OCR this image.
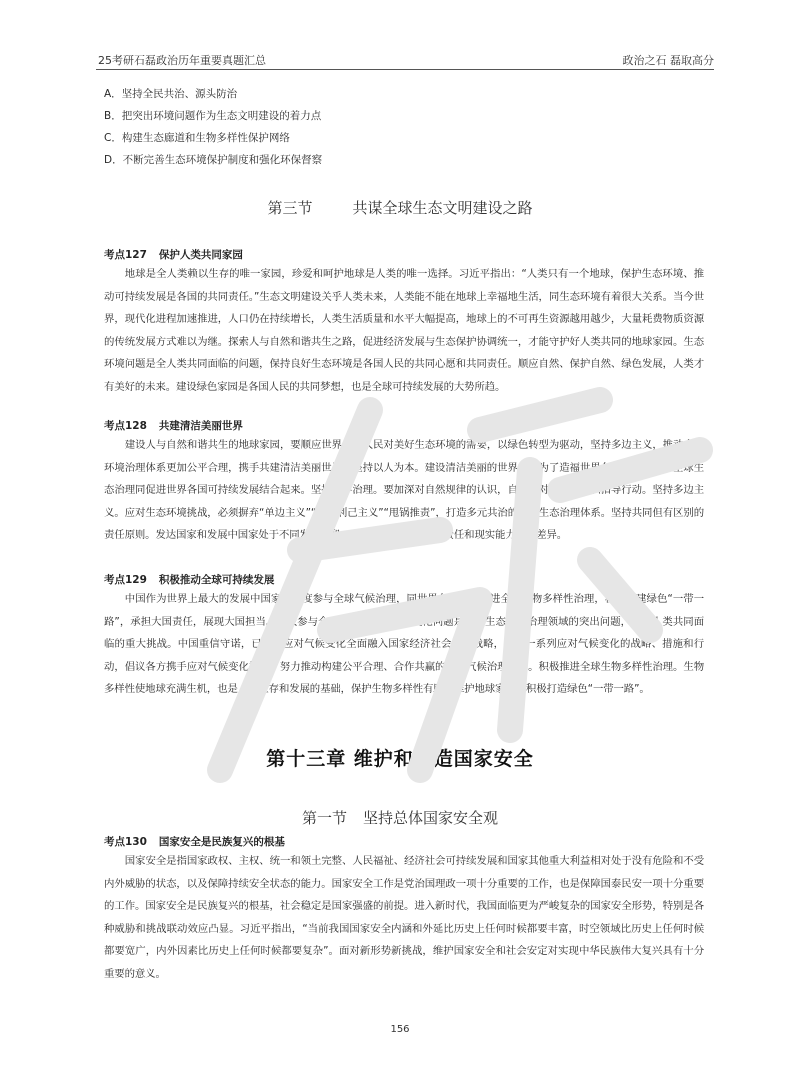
25考研石磊政治历年重要真题汇总	政治之石 磊取高分
A．坚持全民共治、源头防治
B．把突出环境问题作为生态文明建设的着力点
C．构建生态廊道和生物多样性保护网络
D．不断完善生态环境保护制度和强化环保督察
第三节	共谋全球生态文明建设之路
考点127 保护人类共同家园
地球是全人类赖以生存的唯一家园，珍爱和呵护地球是人类的唯一选择。习近平指出：“人类只有一个地球，保护生态环境、推动可持续发展是各国的共同责任。”生态文明建设关乎人类未来，人类能不能在地球上幸福地生活，同生态环境有着很大关系。当今世界，现代化进程加速推进，人口仍在持续增长，人类生活质量和水平大幅提高，地球上的不可再生资源越用越少，大量耗费物质资源的传统发展方式难以为继。探索人与自然和谐共生之路，促进经济发展与生态保护协调统一，才能守护好人类共同的地球家园。生态环境问题是全人类共同面临的问题，保持良好生态环境是各国人民的共同心愿和共同责任。顺应自然、保护自然、绿色发展，人类才有美好的未来。建设绿色家园是各国人民的共同梦想，也是全球可持续发展的大势所趋。
考点128 共建清洁美丽世界
建设人与自然和谐共生的地球家园，要顺应世界各国人民对美好生态环境的需要，以绿色转型为驱动，坚持多边主义，推动全球环境治理体系更加公平合理，携手共建清洁美丽世界。坚持以人为本。建设清洁美丽的世界，是为了造福世界各国人民。要把全球生态治理同促进世界各国可持续发展结合起来。坚持科学治理。要加深对自然规律的认识，自觉以对规律的认识指导行动。坚持多边主义。应对生态环境挑战，必须摒弃“单边主义”“极端利己主义”“甩锅推责”，打造多元共治的全球生态治理体系。坚持共同但有区别的责任原则。发达国家和发展中国家处于不同发展阶段，在环境问题上的历史责任和现实能力存在差异。
考点129 积极推动全球可持续发展
中国作为世界上最大的发展中国家，深度参与全球气候治理，同世界各国共同推进全球生物多样性治理，积极共建绿色“一带一路”，承担大国责任，展现大国担当。积极参与全球气候治理。气候变化问题是全球生态环境治理领域的突出问题，是全人类共同面临的重大挑战。中国重信守诺，已经将应对气候变化全面融入国家经济社会发展战略，实施一系列应对气候变化的战略、措施和行动，倡议各方携手应对气候变化挑战，努力推动构建公平合理、合作共赢的全球气候治理体系。积极推进全球生物多样性治理。生物多样性使地球充满生机，也是人类生存和发展的基础，保护生物多样性有助于维护地球家园。积极打造绿色“一带一路”。
第十三章 维护和塑造国家安全
第一节 坚持总体国家安全观
考点130 国家安全是民族复兴的根基
国家安全是指国家政权、主权、统一和领土完整、人民福祉、经济社会可持续发展和国家其他重大利益相对处于没有危险和不受内外威胁的状态，以及保障持续安全状态的能力。国家安全工作是党治国理政一项十分重要的工作，也是保障国泰民安一项十分重要的工作。国家安全是民族复兴的根基，社会稳定是国家强盛的前提。进入新时代，我国面临更为严峻复杂的国家安全形势，特别是各种威胁和挑战联动效应凸显。习近平指出，“当前我国国家安全内涵和外延比历史上任何时候都要丰富，时空领域比历史上任何时候都要宽广，内外因素比历史上任何时候都要复杂”。面对新形势新挑战，维护国家安全和社会安定对实现中华民族伟大复兴具有十分重要的意义。
156
